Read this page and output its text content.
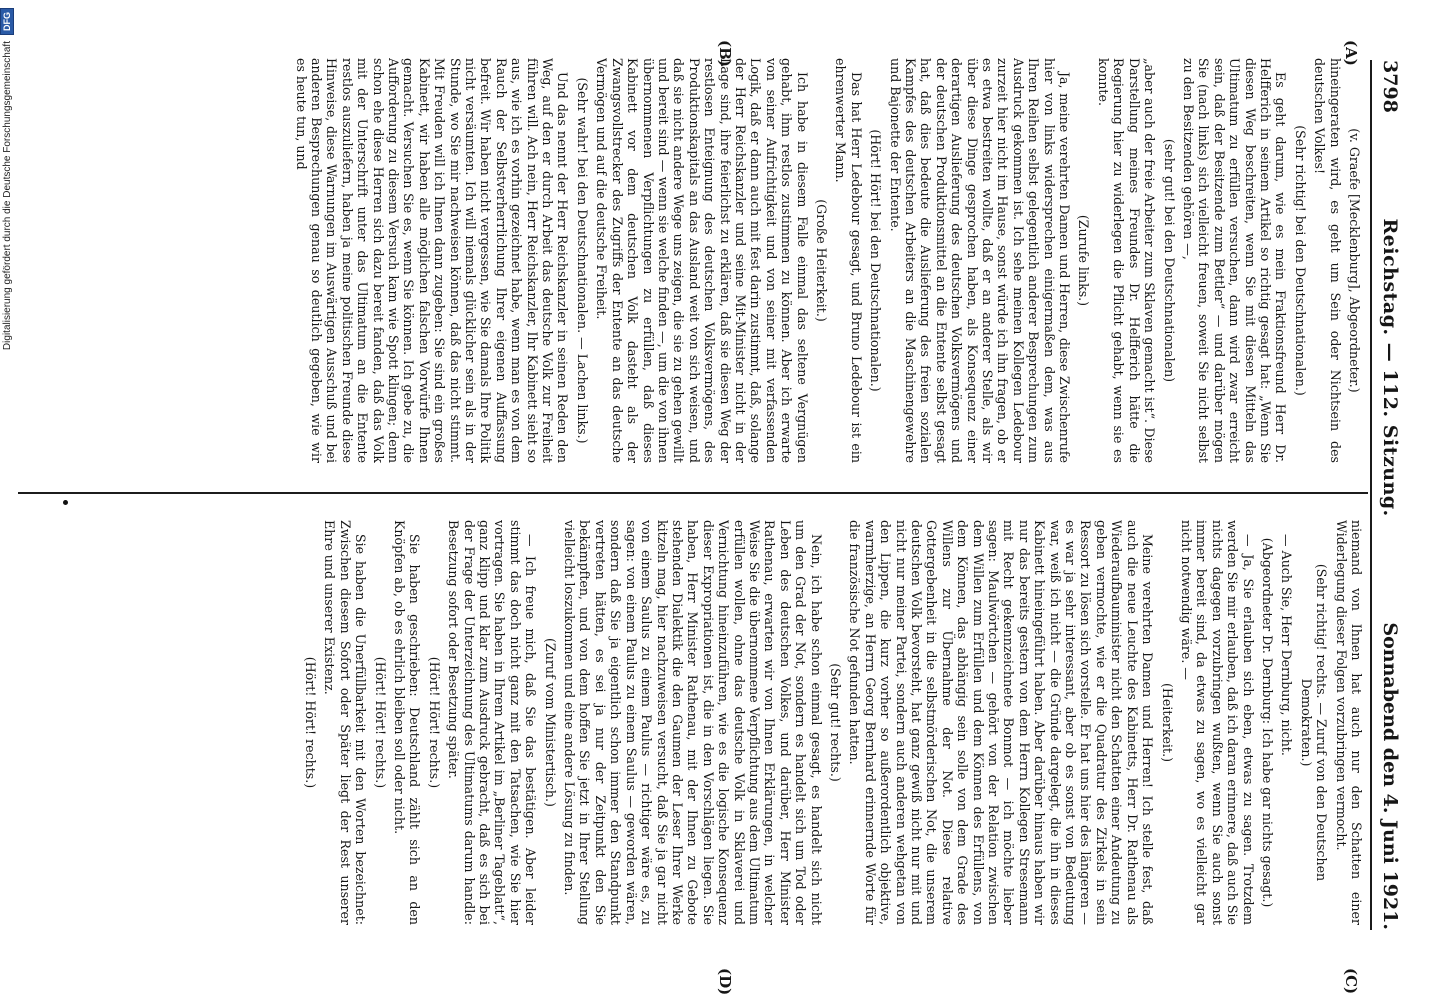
3798
Reichstag. — 112. Sitzung.
Sonnabend den 4. Juni 1921.
(A)
(B)
(C)
(D)
(v. Graefe [Mecklenburg], Abgeordneter.)

hineingeraten wird, es geht um Sein oder Nichtsein des deutschen Volkes!

(Sehr richtig! bei den Deutschnationalen.)

Es geht darum, wie es mein Fraktionsfreund Herr Dr. Helfferich in seinem Artikel so richtig gesagt hat: „Wenn Sie diesen Weg beschreiten, wenn Sie mit diesen Mitteln das Ultimatum zu erfüllen versuchen, dann wird zwar erreicht sein, daß der Besitzende zum Bettler“ — und darüber mögen Sie (nach links) sich vielleicht freuen, soweit Sie nicht selbst zu den Besitzenden gehören —,

(sehr gut! bei den Deutschnationalen)

„aber auch der freie Arbeiter zum Sklaven gemacht ist“. Diese Darstellung meines Freundes Dr. Helfferich hätte die Regierung hier zu widerlegen die Pflicht gehabt, wenn sie es konnte.

(Zurufe links.)

Ja, meine verehrten Damen und Herren, diese Zwischenrufe hier von links widersprechen einigermaßen dem, was aus Ihren Reihen selbst gelegentlich anderer Besprechungen zum Ausdruck gekommen ist. Ich sehe meinen Kollegen Ledebour zurzeit hier nicht im Hause, sonst würde ich ihn fragen, ob er es etwa bestreiten wollte, daß er an anderer Stelle, als wir über diese Dinge gesprochen haben, als Konsequenz einer derartigen Auslieferung des deutschen Volksvermögens und der deutschen Produktionsmittel an die Entente selbst gesagt hat, daß dies bedeute die Auslieferung des freien sozialen Kampfes des deutschen Arbeiters an die Maschinengewehre und Bajonette der Entente.

(Hört! Hört! bei den Deutschnationalen.)

Das hat Herr Ledebour gesagt, und Bruno Ledebour ist ein ehrenwerter Mann.

(Große Heiterkeit.)

Ich habe in diesem Falle einmal das seltene Vergnügen gehabt, ihm restlos zustimmen zu können. Aber ich erwarte von seiner Aufrichtigkeit und von seiner mit verfassenden Logik, daß er dann auch mit fest darin zustimmt, daß, solange der Herr Reichskanzler und seine Mit-Minister nicht in der Lage sind, ihre feierlichst zu erklären, daß sie diesen Weg der restlosen Enteignung des deutschen Volksvermögens, des Produktionskapitals an das Ausland weit von sich weisen, und daß sie nicht andere Wege uns zeigen, die sie zu gehen gewillt und bereit sind — wenn sie welche finden —, um die von ihnen übernommenen Verpflichtungen zu erfüllen, daß dieses Kabinett vor dem deutschen Volk dasteht als der Zwangsvollstrecker des Zugriffs der Entente an das deutsche Vermögen und auf die deutsche Freiheit.

(Sehr wahr! bei den Deutschnationalen. — Lachen links.)

Und das nennt der Herr Reichskanzler in seinen Reden den Weg, auf den er durch Arbeit das deutsche Volk zur Freiheit führen will. Ach nein, Herr Reichskanzler, Ihr Kabinett sieht so aus, wie ich es vorhin gezeichnet habe, wenn man es von dem Rauch der Selbstverherrlichung Ihrer eigenen Auffassung befreit. Wir haben nicht vergessen, wie Sie damals Ihre Politik nicht versäumten. Ich will niemals glücklicher sein als in der Stunde, wo Sie mir nachweisen können, daß das nicht stimmt. Mit Freuden will ich Ihnen dann zugeben: Sie sind ein großes Kabinett, wir haben alle möglichen falschen Vorwürfe Ihnen gemacht. Versuchen Sie es, wenn Sie können. Ich gebe zu, die Aufforderung zu diesem Versuch kam wie Spott klingen; denn schon ehe diese Herren sich dazu bereit fanden, daß das Volk mit der Unterschrift unter das Ultimatum an die Entente restlos auszuliefern, haben ja meine politischen Freunde diese Hinweise, diese Warnungen im Auswärtigen Ausschuß und bei anderen Besprechungen genau so deutlich gegeben, wie wir es heute tun, und

niemand von Ihnen hat auch nur den Schatten einer Widerlegung dieser Folgen vorzubringen vermocht.

(Sehr richtig! rechts. — Zuruf von den Deutschen Demokraten.)

— Auch Sie, Herr Dernburg, nicht.

(Abgeordneter Dr. Dernburg: Ich habe gar nichts gesagt.)

— Ja, Sie erlauben sich eben, etwas zu sagen. Trotzdem werden Sie mir erlauben, daß ich daran erinnere, daß auch Sie nichts dagegen vorzubringen wußten, wenn Sie auch sonst immer bereit sind, da etwas zu sagen, wo es vielleicht gar nicht notwendig wäre. —

(Heiterkeit.)

Meine verehrten Damen und Herren! Ich stelle fest, daß auch die neue Leuchte des Kabinetts, Herr Dr. Rathenau als Wiederaufbauminister nicht den Schatten einer Andeutung zu geben vermochte, wie er die Quadratur des Zirkels in sein Ressort zu lösen sich vorstelle. Er hat uns hier des längeren — es war ja sehr interessant, aber ob es sonst von Bedeutung war, weiß ich nicht — die Gründe dargelegt, die ihn in dieses Kabinett hineingeführt haben. Aber darüber hinaus haben wir nur das bereits gestern von dem Herrn Kollegen Stresemann mit Recht gekennzeichnete Bonmot — ich möchte lieber sagen: Maulwörtchen — gehört von der Relation zwischen dem Willen zum Erfüllen und dem Können des Erfüllens, von dem Können, das abhängig sein solle von dem Grade des Willens zur Übernahme der Not. Diese relative Gottergebenheit in die selbstmörderischen Not, die unserem deutschen Volk bevorsteht, hat ganz gewiß nicht nur mit und nicht nur meiner Partei, sondern auch anderen wehgetan von den Lippen, die kurz vorher so außerordentlich objektive, warmherzige, an Herrn Georg Bernhard erinnernde Worte für die französische Not gefunden hatten.

(Sehr gut! rechts.)

Nein, ich habe schon einmal gesagt, es handelt sich nicht um den Grad der Not, sondern es handelt sich um Tod oder Leben des deutschen Volkes, und darüber, Herr Minister Rathenau, erwarten wir von Ihnen Erklärungen, in welcher Weise Sie die übernommene Verpflichtung aus dem Ultimatum erfüllen wollen, ohne das deutsche Volk in Sklaverei und Vernichtung hineinzuführen, wie es die logische Konsequenz dieser Expropriationen ist, die in den Vorschlägen liegen. Sie haben, Herr Minister Rathenau, mit der Ihnen zu Gebote stehenden Dialektik die den Gaumen der Leser Ihrer Werke kitzeln mag, hier nachzuweisen versucht, daß Sie ja gar nicht von einem Saulus zu einem Paulus — richtiger wäre es, zu sagen: von einem Paulus zu einem Saulus — geworden wären, sondern daß Sie ja eigentlich schon immer den Standpunkt vertreten hätten, es sei ja nur der Zeitpunkt den Sie bekämpften, und von dem hoffen Sie jetzt in Ihrer Stellung vielleicht loszukommen und eine andere Lösung zu finden.

(Zuruf vom Ministertisch.)

— Ich freue mich, daß Sie das bestätigen. Aber leider stimmt das doch nicht ganz mit den Tatsachen, wie Sie hier vortragen. Sie haben in Ihrem Artikel im „Berliner Tageblatt“, ganz klipp und klar zum Ausdruck gebracht, daß es sich bei der Frage der Unterzeichnung des Ultimatums darum handle: Besetzung sofort oder Besetzung später.

(Hört! Hört! rechts.)

Sie haben geschrieben: Deutschland zählt sich an den Knöpfen ab, ob es ehrlich bleiben soll oder nicht.

(Hört! Hört! rechts.)

Sie haben die Unerfüllbarkeit mit den Worten bezeichnet: Zwischen diesem Sofort oder Später liegt der Rest unserer Ehre und unserer Existenz.

(Hört! Hört! rechts.)
Digitalisierung gefördert durch die Deutsche Forschungsgemeinschaft
DFG
